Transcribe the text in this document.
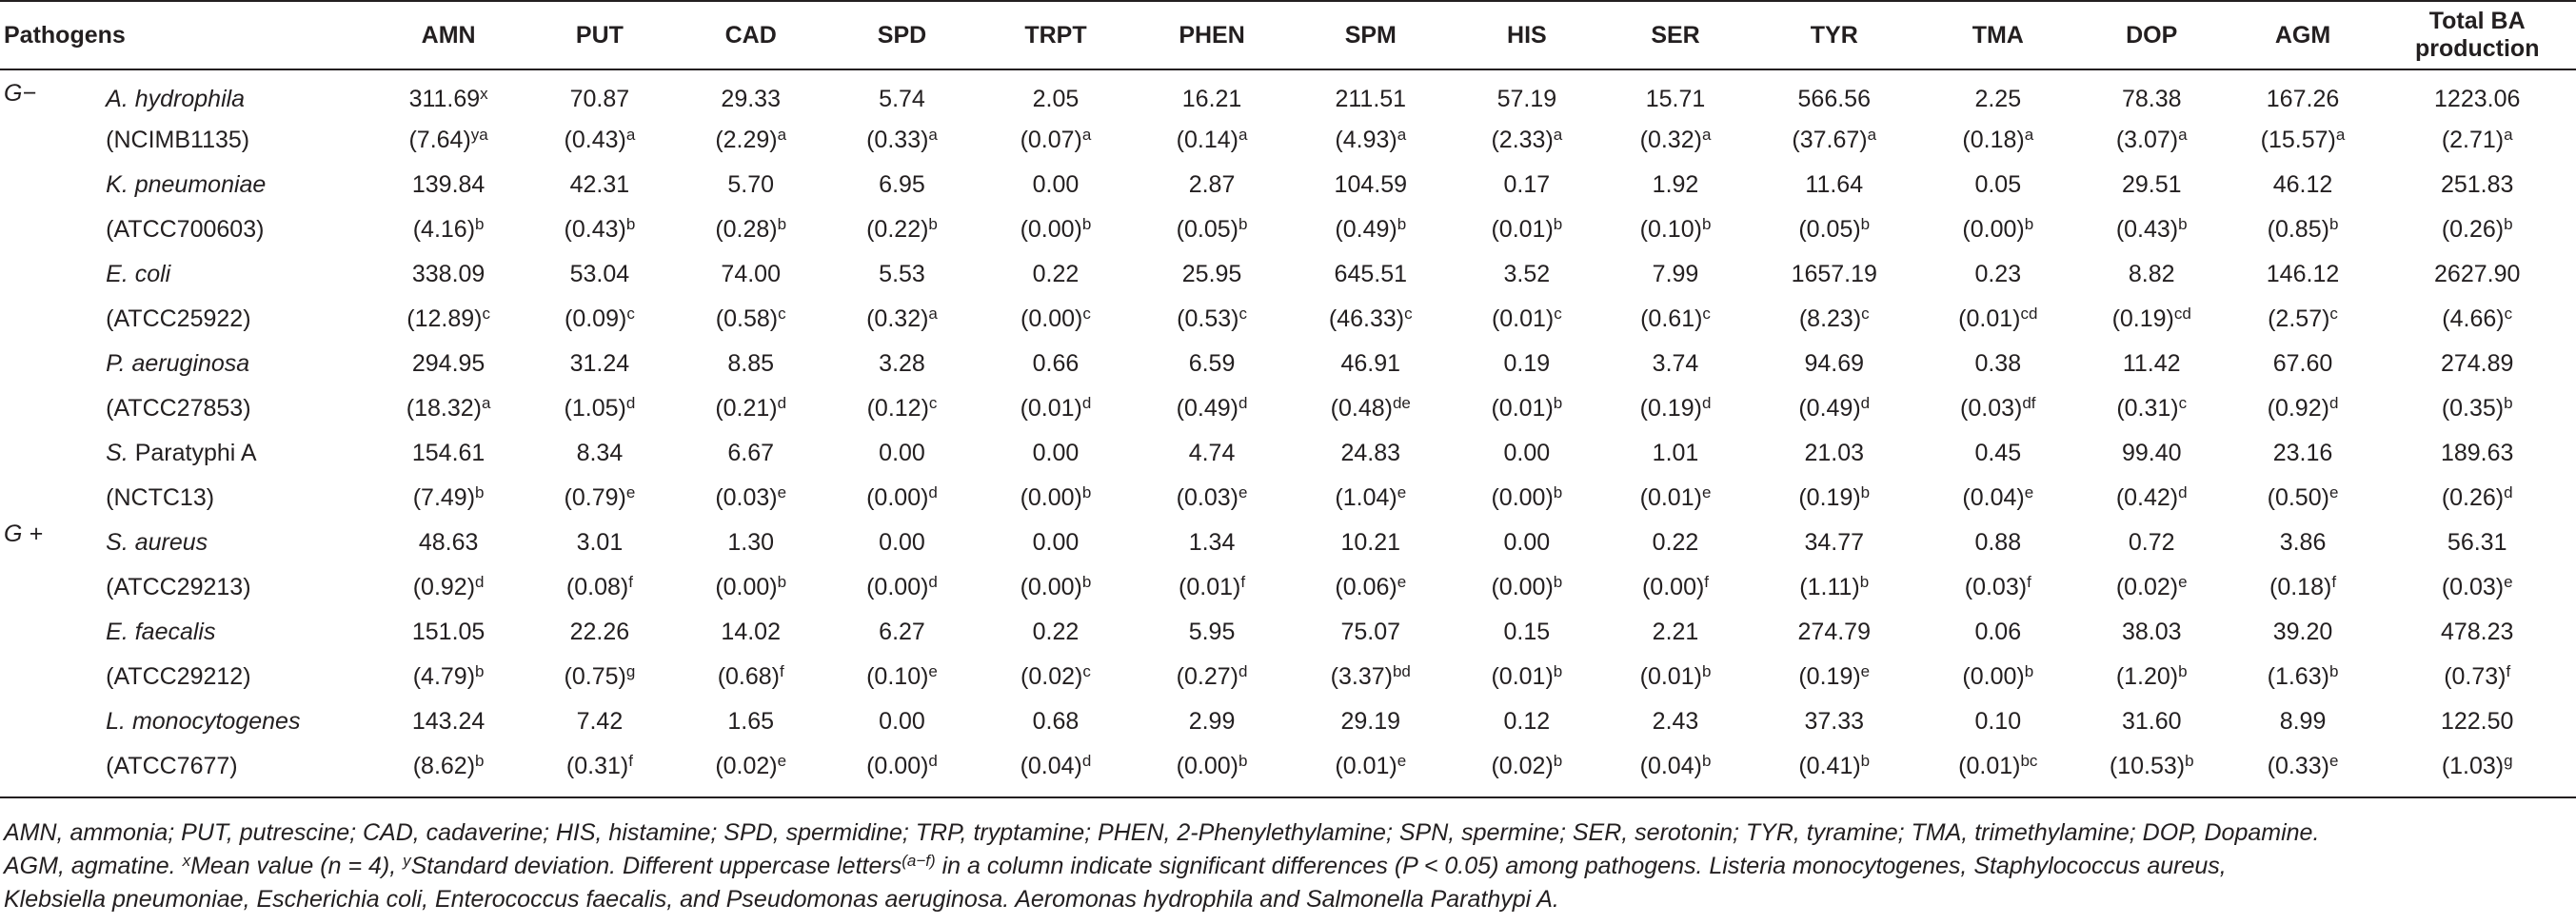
Pathogens		AMN	PUT	CAD	SPD	TRPT	PHEN	SPM	HIS	SER	TYR	TMA	DOP	AGM	Total BA production
G−	A. hydrophila	311.69$^x$	70.87	29.33	5.74	2.05	16.21	211.51	57.19	15.71	566.56	2.25	78.38	167.26	1223.06
	(NCIMB1135)	$(7.64)^{ya}$	$(0.43)^a$	$(2.29)^a$	$(0.33)^a$	$(0.07)^a$	$(0.14)^a$	$(4.93)^a$	$(2.33)^a$	$(0.32)^a$	$(37.67)^a$	$(0.18)^a$	$(3.07)^a$	$(15.57)^a$	$(2.71)^a$
	K. pneumoniae	139.84	42.31	5.70	6.95	0.00	2.87	104.59	0.17	1.92	11.64	0.05	29.51	46.12	251.83
	(ATCC700603)	$(4.16)^b$	$(0.43)^b$	$(0.28)^b$	$(0.22)^b$	$(0.00)^b$	$(0.05)^b$	$(0.49)^b$	$(0.01)^b$	$(0.10)^b$	$(0.05)^b$	$(0.00)^b$	$(0.43)^b$	$(0.85)^b$	$(0.26)^b$
	E. coli	338.09	53.04	74.00	5.53	0.22	25.95	645.51	3.52	7.99	1657.19	0.23	8.82	146.12	2627.90
	(ATCC25922)	$(12.89)^c$	$(0.09)^c$	$(0.58)^c$	$(0.32)^a$	$(0.00)^c$	$(0.53)^c$	$(46.33)^c$	$(0.01)^c$	$(0.61)^c$	$(8.23)^c$	$(0.01)^{cd}$	$(0.19)^{cd}$	$(2.57)^c$	$(4.66)^c$
	P. aeruginosa	294.95	31.24	8.85	3.28	0.66	6.59	46.91	0.19	3.74	94.69	0.38	11.42	67.60	274.89
	(ATCC27853)	$(18.32)^a$	$(1.05)^d$	$(0.21)^d$	$(0.12)^c$	$(0.01)^d$	$(0.49)^d$	$(0.48)^{de}$	$(0.01)^b$	$(0.19)^d$	$(0.49)^d$	$(0.03)^{df}$	$(0.31)^c$	$(0.92)^d$	$(0.35)^b$
	S. Paratyphi A	154.61	8.34	6.67	0.00	0.00	4.74	24.83	0.00	1.01	21.03	0.45	99.40	23.16	189.63
	(NCTC13)	$(7.49)^b$	$(0.79)^e$	$(0.03)^e$	$(0.00)^d$	$(0.00)^b$	$(0.03)^e$	$(1.04)^e$	$(0.00)^b$	$(0.01)^e$	$(0.19)^b$	$(0.04)^e$	$(0.42)^d$	$(0.50)^e$	$(0.26)^d$
G +	S. aureus	48.63	3.01	1.30	0.00	0.00	1.34	10.21	0.00	0.22	34.77	0.88	0.72	3.86	56.31
	(ATCC29213)	$(0.92)^d$	$(0.08)^f$	$(0.00)^b$	$(0.00)^d$	$(0.00)^b$	$(0.01)^f$	$(0.06)^e$	$(0.00)^b$	$(0.00)^f$	$(1.11)^b$	$(0.03)^f$	$(0.02)^e$	$(0.18)^f$	$(0.03)^e$
	E. faecalis	151.05	22.26	14.02	6.27	0.22	5.95	75.07	0.15	2.21	274.79	0.06	38.03	39.20	478.23
	(ATCC29212)	$(4.79)^b$	$(0.75)^g$	$(0.68)^f$	$(0.10)^e$	$(0.02)^c$	$(0.27)^d$	$(3.37)^{bd}$	$(0.01)^b$	$(0.01)^b$	$(0.19)^e$	$(0.00)^b$	$(1.20)^b$	$(1.63)^b$	$(0.73)^f$
	L. monocytogenes	143.24	7.42	1.65	0.00	0.68	2.99	29.19	0.12	2.43	37.33	0.10	31.60	8.99	122.50
	(ATCC7677)	$(8.62)^b$	$(0.31)^f$	$(0.02)^e$	$(0.00)^d$	$(0.04)^d$	$(0.00)^b$	$(0.01)^e$	$(0.02)^b$	$(0.04)^b$	$(0.41)^b$	$(0.01)^{bc}$	$(10.53)^b$	$(0.33)^e$	$(1.03)^g$
AMN, ammonia; PUT, putrescine; CAD, cadaverine; HIS, histamine; SPD, spermidine; TRP, tryptamine; PHEN, 2-Phenylethylamine; SPN, spermine; SER, serotonin; TYR, tyramine; TMA, trimethylamine; DOP, Dopamine.
AGM, agmatine. $^x$Mean value (n = 4), $^y$Standard deviation. Different uppercase letters$^{(a-f)}$ in a column indicate significant differences (P < 0.05) among pathogens. Listeria monocytogenes, Staphylococcus aureus,
Klebsiella pneumoniae, Escherichia coli, Enterococcus faecalis, and Pseudomonas aeruginosa. Aeromonas hydrophila and Salmonella Parathypi A.
